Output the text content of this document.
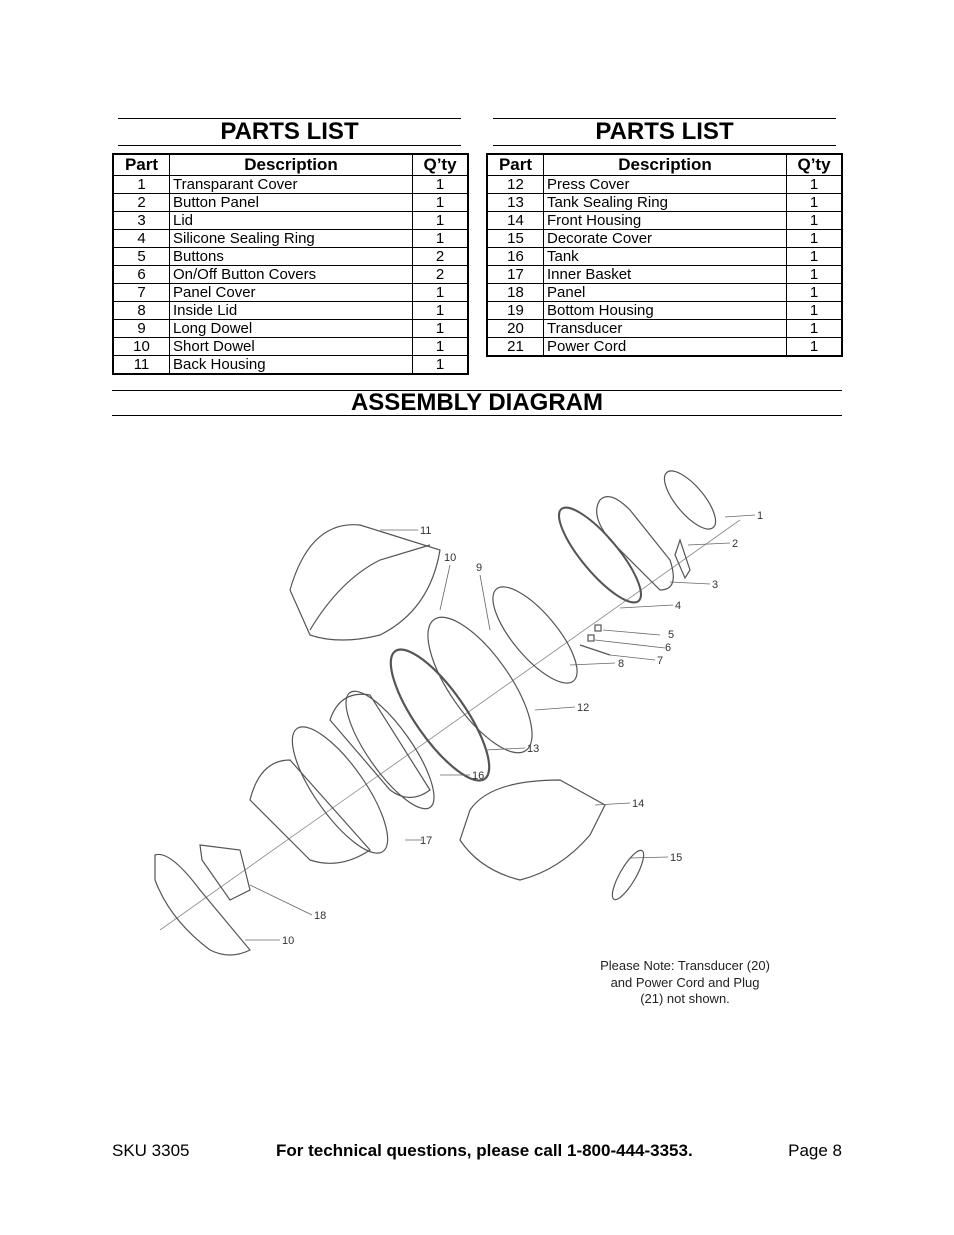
PARTS LIST	PARTS LIST
Part	Description	Q’ty
1	Transparant Cover	1
2	Button Panel	1
3	Lid	1
4	Silicone Sealing Ring	1
5	Buttons	2
6	On/Off Button Covers	2
7	Panel Cover	1
8	Inside Lid	1
9	Long Dowel	1
10	Short Dowel	1
11	Back Housing	1
Part	Description	Q’ty
12	Press Cover	1
13	Tank Sealing Ring	1
14	Front Housing	1
15	Decorate Cover	1
16	Tank	1
17	Inner Basket	1
18	Panel	1
19	Bottom Housing	1
20	Transducer	1
21	Power Cord	1
ASSEMBLY DIAGRAM
1
2
3
4
5
6
7
8
9
10
11
12
13
16
14
15
17
18
10
Please Note: Transducer (20)
and Power Cord and Plug
(21) not shown.
SKU 3305	For technical questions, please call 1-800-444-3353.	Page 8
